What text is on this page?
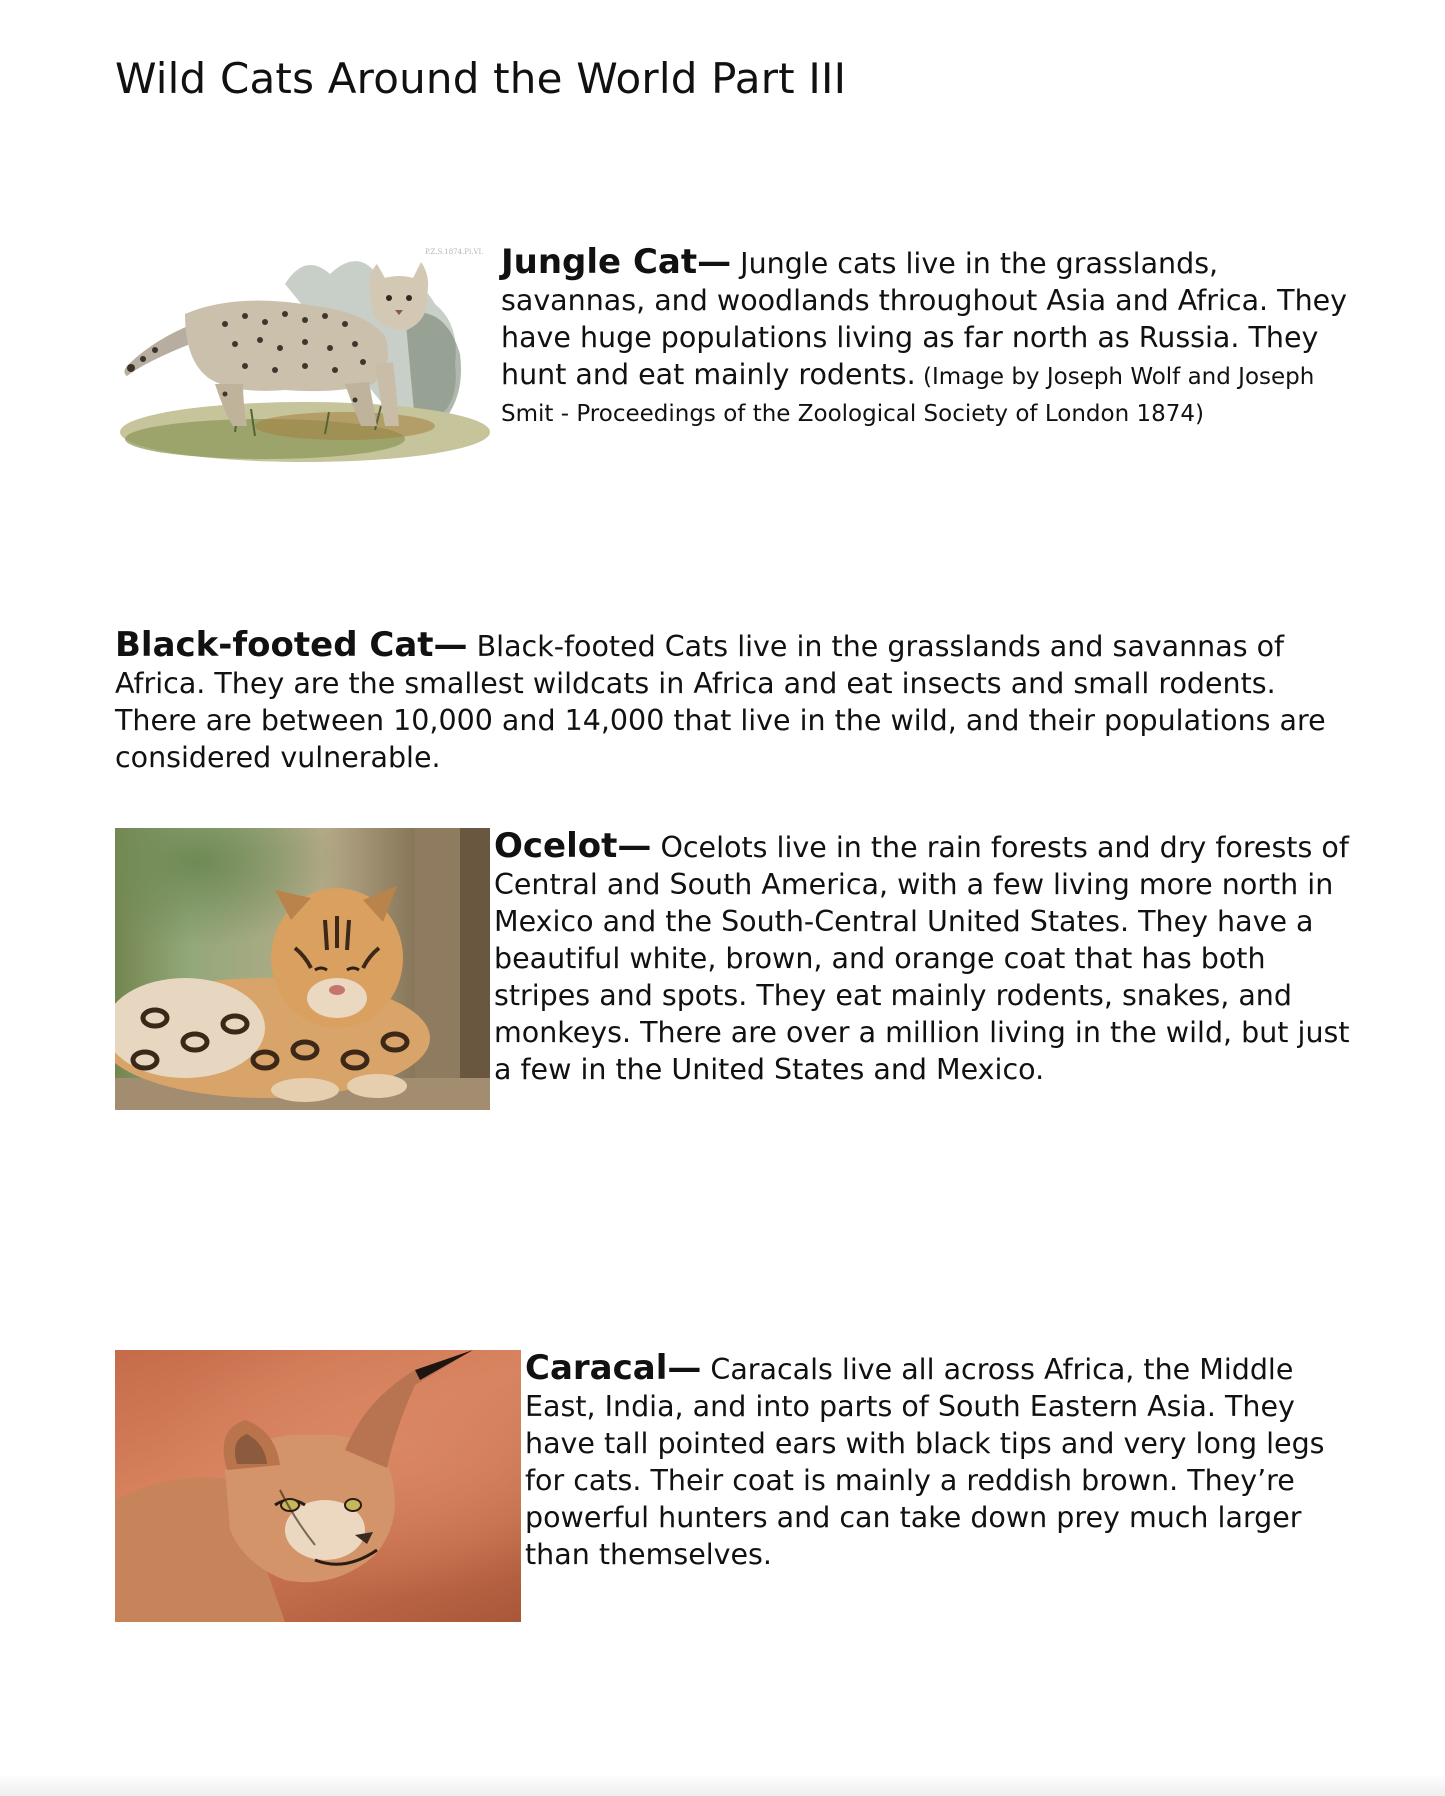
Wild Cats Around the World Part III
P.Z.S.1874.Pl.VI. Jungle Cat— Jungle cats live in the grasslands, savannas, and woodlands throughout Asia and Africa. They have huge populations living as far north as Russia. They hunt and eat mainly rodents. (Image by Joseph Wolf and Joseph Smit - Proceedings of the Zoological Society of London 1874)
Black-footed Cat— Black-footed Cats live in the grasslands and savannas of Africa. They are the smallest wildcats in Africa and eat insects and small rodents. There are between 10,000 and 14,000 that live in the wild, and their populations are considered vulnerable.
Ocelot— Ocelots live in the rain forests and dry forests of Central and South America, with a few living more north in Mexico and the South-Central United States. They have a beautiful white, brown, and orange coat that has both stripes and spots. They eat mainly rodents, snakes, and monkeys. There are over a million living in the wild, but just a few in the United States and Mexico.
Caracal— Caracals live all across Africa, the Middle East, India, and into parts of South Eastern Asia. They have tall pointed ears with black tips and very long legs for cats. Their coat is mainly a reddish brown. They’re powerful hunters and can take down prey much larger than themselves.
